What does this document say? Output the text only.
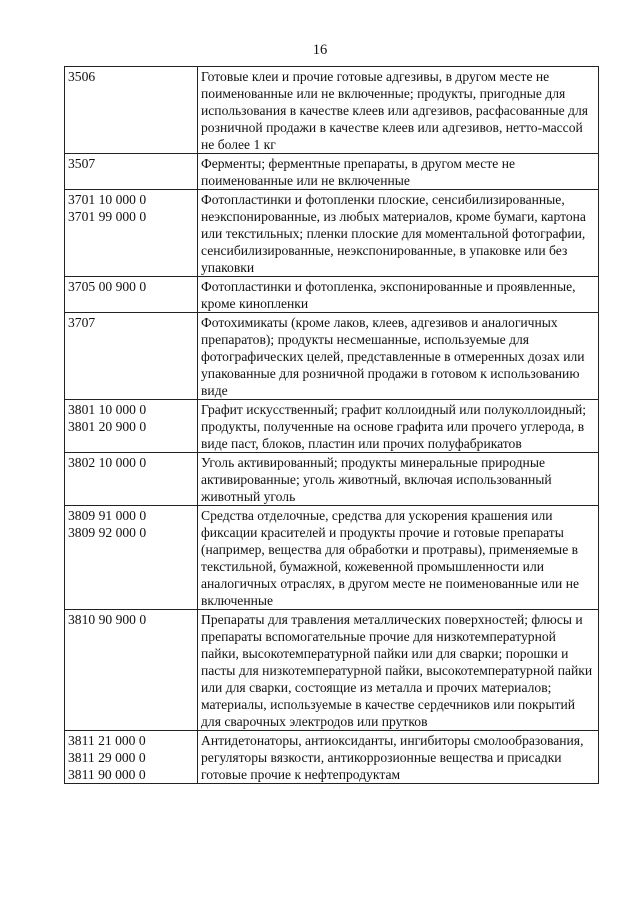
16
3506	Готовые клеи и прочие готовые адгезивы, в другом месте не поименованные или не включенные; продукты, пригодные для использования в качестве клеев или адгезивов, расфасованные для розничной продажи в качестве клеев или адгезивов, нетто-массой не более 1 кг

3507	Ферменты; ферментные препараты, в другом месте не поименованные или не включенные

3701 10 000 0
3701 99 000 0	Фотопластинки и фотопленки плоские, сенсибилизированные, неэкспонированные, из любых материалов, кроме бумаги, картона или текстильных; пленки плоские для моментальной фотографии, сенсибилизированные, неэкспонированные, в упаковке или без упаковки

3705 00 900 0	Фотопластинки и фотопленка, экспонированные и проявленные, кроме кинопленки

3707	Фотохимикаты (кроме лаков, клеев, адгезивов и аналогичных препаратов); продукты несмешанные, используемые для фотографических целей, представленные в отмеренных дозах или упакованные для розничной продажи в готовом к использованию виде

3801 10 000 0
3801 20 900 0	Графит искусственный; графит коллоидный или полуколлоидный; продукты, полученные на основе графита или прочего углерода, в виде паст, блоков, пластин или прочих полуфабрикатов

3802 10 000 0	Уголь активированный; продукты минеральные природные активированные; уголь животный, включая использованный животный уголь

3809 91 000 0
3809 92 000 0	Средства отделочные, средства для ускорения крашения или фиксации красителей и продукты прочие и готовые препараты (например, вещества для обработки и протравы), применяемые в текстильной, бумажной, кожевенной промышленности или аналогичных отраслях, в другом месте не поименованные или не включенные

3810 90 900 0	Препараты для травления металлических поверхностей; флюсы и препараты вспомогательные прочие для низкотемпературной пайки, высокотемпературной пайки или для сварки; порошки и пасты для низкотемпературной пайки, высокотемпературной пайки или для сварки, состоящие из металла и прочих материалов; материалы, используемые в качестве сердечников или покрытий для сварочных электродов или прутков

3811 21 000 0
3811 29 000 0
3811 90 000 0	Антидетонаторы, антиоксиданты, ингибиторы смолообразования, регуляторы вязкости, антикоррозионные вещества и присадки готовые прочие к нефтепродуктам
